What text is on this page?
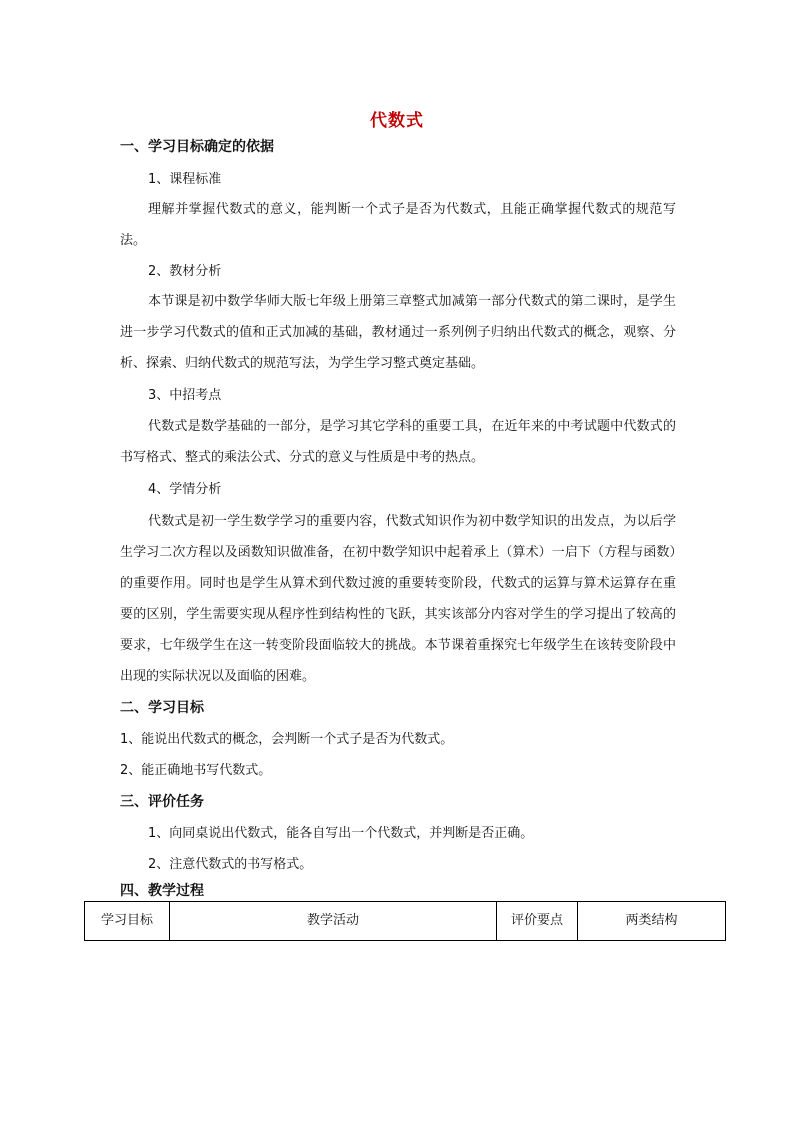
代数式
一、学习目标确定的依据
1、课程标准
理解并掌握代数式的意义，能判断一个式子是否为代数式，且能正确掌握代数式的规范写法。
2、教材分析
本节课是初中数学华师大版七年级上册第三章整式加减第一部分代数式的第二课时，是学生进一步学习代数式的值和正式加减的基础，教材通过一系列例子归纳出代数式的概念，观察、分析、探索、归纳代数式的规范写法，为学生学习整式奠定基础。
3、中招考点
代数式是数学基础的一部分，是学习其它学科的重要工具，在近年来的中考试题中代数式的书写格式、整式的乘法公式、分式的意义与性质是中考的热点。
4、学情分析
代数式是初一学生数学学习的重要内容，代数式知识作为初中数学知识的出发点，为以后学生学习二次方程以及函数知识做准备，在初中数学知识中起着承上（算术）一启下（方程与函数）的重要作用。同时也是学生从算术到代数过渡的重要转变阶段，代数式的运算与算术运算存在重要的区别，学生需要实现从程序性到结构性的飞跃，其实该部分内容对学生的学习提出了较高的要求，七年级学生在这一转变阶段面临较大的挑战。本节课着重探究七年级学生在该转变阶段中出现的实际状况以及面临的困难。
二、学习目标
1、能说出代数式的概念，会判断一个式子是否为代数式。
2、能正确地书写代数式。
三、评价任务
1、向同桌说出代数式，能各自写出一个代数式，并判断是否正确。
2、注意代数式的书写格式。
四、教学过程
学习目标	教学活动	评价要点	两类结构
